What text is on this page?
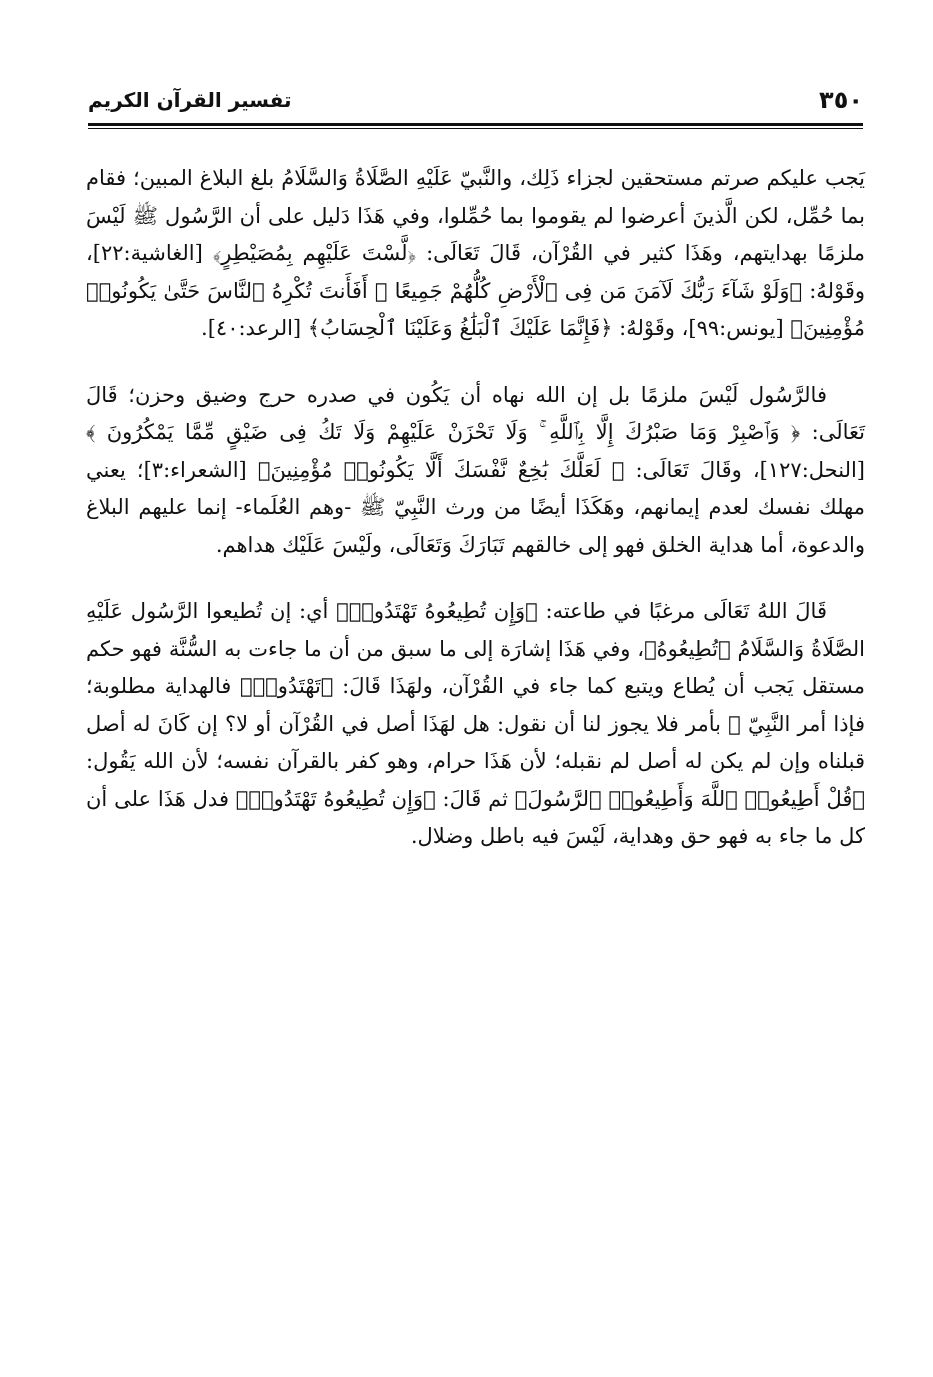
٣٥٠
تفسير القرآن الكريم

يَجب عليكم صرتم مستحقين لجزاء ذَلِك، والنَّبيّ عَلَيْهِ الصَّلَاةُ وَالسَّلَامُ بلغ البلاغ المبين؛ فقام بما حُمِّل، لكن الَّذينَ أعرضوا لم يقوموا بما حُمِّلوا، وفي هَذَا دَليل على أن الرَّسُول ﷺ لَيْسَ ملزمًا بهدايتهم، وهَذَا كثير في القُرْآن، قَالَ تَعَالَى: ﴿لَّسْتَ عَلَيْهِم بِمُصَيْطِرٍ﴾ [الغاشية:٢٢]، وقَوْلهُ: ﴿وَلَوْ شَآءَ رَبُّكَ لَآمَنَ مَن فِى ٱلْأَرْضِ كُلُّهُمْ جَمِيعًا ۚ أَفَأَنتَ تُكْرِهُ ٱلنَّاسَ حَتَّىٰ يَكُونُوا۟ مُؤْمِنِينَ﴾ [يونس:٩٩]، وقَوْلهُ: ﴿فَإِنَّمَا عَلَيْكَ ٱلْبَلَٰغُ وَعَلَيْنَا ٱلْحِسَابُ﴾ [الرعد:٤٠].

فالرَّسُول لَيْسَ ملزمًا بل إن الله نهاه أن يَكُون في صدره حرج وضيق وحزن؛ قَالَ تَعَالَى: ﴿ وَٱصْبِرْ وَمَا صَبْرُكَ إِلَّا بِٱللَّهِ ۚ وَلَا تَحْزَنْ عَلَيْهِمْ وَلَا تَكُ فِى ضَيْقٍ مِّمَّا يَمْكُرُونَ ﴾ [النحل:١٢٧]، وقَالَ تَعَالَى: ﴿ لَعَلَّكَ بَٰخِعٌ نَّفْسَكَ أَلَّا يَكُونُوا۟ مُؤْمِنِينَ﴾ [الشعراء:٣]؛ يعني مهلك نفسك لعدم إيمانهم، وهَكَذَا أيضًا من ورث النَّبِيّ ﷺ -وهم العُلَماء- إنما عليهم البلاغ والدعوة، أما هداية الخلق فهو إلى خالقهم تَبَارَكَ وَتَعَالَى، ولَيْسَ عَلَيْك هداهم.

قَالَ اللهُ تَعَالَى مرغبًا في طاعته: ﴿وَإِن تُطِيعُوهُ تَهْتَدُوا۟﴾ أي: إن تُطيعوا الرَّسُول عَلَيْهِ الصَّلَاةُ وَالسَّلَامُ ﴿تُطِيعُوهُ﴾، وفي هَذَا إشارَة إلى ما سبق من أن ما جاءت به السُّنَّة فهو حكم مستقل يَجب أن يُطاع ويتبع كما جاء في القُرْآن، ولهَذَا قَالَ: ﴿تَهْتَدُوا۟﴾ فالهداية مطلوبة؛ فإذا أمر النَّبِيّ ﷺ بأمر فلا يجوز لنا أن نقول: هل لهَذَا أصل في القُرْآن أو لا؟ إن كَانَ له أصل قبلناه وإن لم يكن له أصل لم نقبله؛ لأن هَذَا حرام، وهو كفر بالقرآن نفسه؛ لأن الله يَقُول: ﴿قُلْ أَطِيعُوا۟ ٱللَّهَ وَأَطِيعُوا۟ ٱلرَّسُولَ﴾ ثم قَالَ: ﴿وَإِن تُطِيعُوهُ تَهْتَدُوا۟﴾ فدل هَذَا على أن كل ما جاء به فهو حق وهداية، لَيْسَ فيه باطل وضلال.
